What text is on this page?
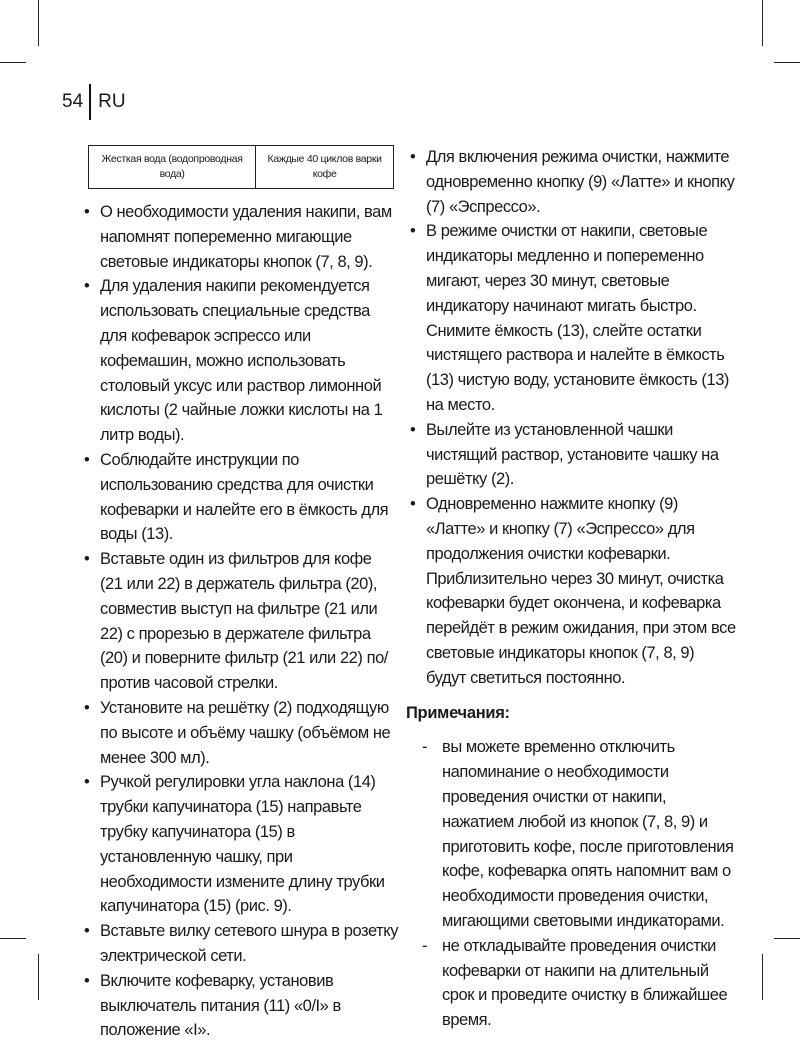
54 RU
Жесткая вода (водопроводная вода)	Каждые 40 циклов варки кофе
• О необходимости удаления накипи, вам напомнят попеременно мигающие световые индикаторы кнопок (7, 8, 9).
• Для удаления накипи рекомендуется использовать специальные средства для кофеварок эспрессо или кофемашин, можно использовать столовый уксус или раствор лимонной кислоты (2 чайные ложки кислоты на 1 литр воды).
• Соблюдайте инструкции по использованию средства для очистки кофеварки и налейте его в ёмкость для воды (13).
• Вставьте один из фильтров для кофе (21 или 22) в держатель фильтра (20), совместив выступ на фильтре (21 или 22) с прорезью в держателе фильтра (20) и поверните фильтр (21 или 22) по/против часовой стрелки.
• Установите на решётку (2) подходящую по высоте и объёму чашку (объёмом не менее 300 мл).
• Ручкой регулировки угла наклона (14) трубки капучинатора (15) направьте трубку капучинатора (15) в установленную чашку, при необходимости измените длину трубки капучинатора (15) (рис. 9).
• Вставьте вилку сетевого шнура в розетку электрической сети.
• Включите кофеварку, установив выключатель питания (11) «0/I» в положение «I».
• Для включения режима очистки, нажмите одновременно кнопку (9) «Латте» и кнопку (7) «Эспрессо».
• В режиме очистки от накипи, световые индикаторы медленно и попеременно мигают, через 30 минут, световые индикатору начинают мигать быстро. Снимите ёмкость (13), слейте остатки чистящего раствора и налейте в ёмкость (13) чистую воду, установите ёмкость (13) на место.
• Вылейте из установленной чашки чистящий раствор, установите чашку на решётку (2).
• Одновременно нажмите кнопку (9) «Латте» и кнопку (7) «Эспрессо» для продолжения очистки кофеварки. Приблизительно через 30 минут, очистка кофеварки будет окончена, и кофеварка перейдёт в режим ожидания, при этом все световые индикаторы кнопок (7, 8, 9) будут светиться постоянно.
Примечания:
- вы можете временно отключить напоминание о необходимости проведения очистки от накипи, нажатием любой из кнопок (7, 8, 9) и приготовить кофе, после приготовления кофе, кофеварка опять напомнит вам о необходимости проведения очистки, мигающими световыми индикаторами.
- не откладывайте проведения очистки кофеварки от накипи на длительный срок и проведите очистку в ближайшее время.
